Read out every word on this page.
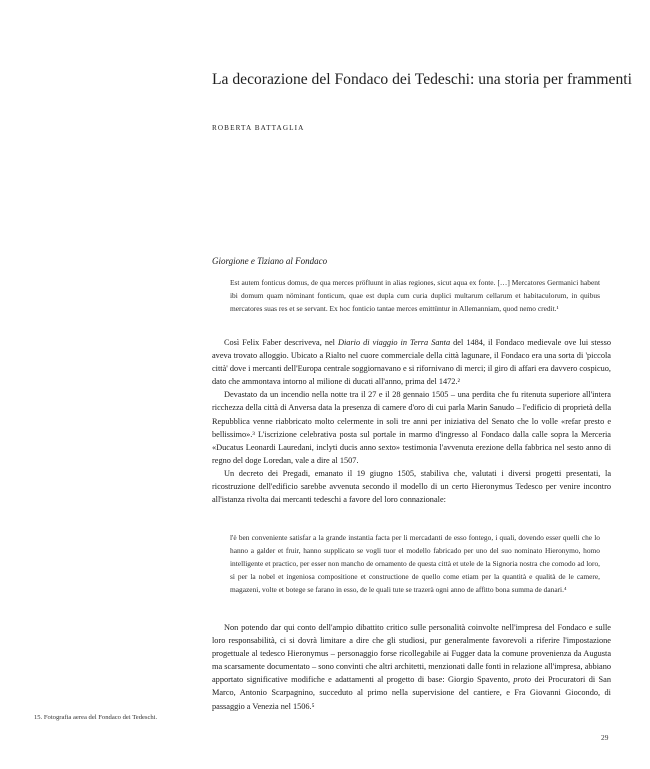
La decorazione del Fondaco dei Tedeschi: una storia per frammenti
ROBERTA BATTAGLIA
Giorgione e Tiziano al Fondaco
Est autem fonticus domus, de qua merces pröfluunt in alias regiones, sicut aqua ex fonte. […] Mercatores Germanici habent ibi domum quam nöminant fonticum, quae est dupla cum curia duplici multarum cellarum et habitaculorum, in quibus mercatores suas res et se servant. Ex hoc fonticio tantae merces emittüntur in Allemanniam, quod nemo credit.¹

Così Felix Faber descriveva, nel Diario di viaggio in Terra Santa del 1484, il Fondaco medievale ove lui stesso aveva trovato alloggio. Ubicato a Rialto nel cuore commerciale della città lagunare, il Fondaco era una sorta di 'piccola città' dove i mercanti dell'Europa centrale soggiornavano e si rifornivano di merci; il giro di affari era davvero cospicuo, dato che ammontava intorno al milione di ducati all'anno, prima del 1472.²

Devastato da un incendio nella notte tra il 27 e il 28 gennaio 1505 – una perdita che fu ritenuta superiore all'intera ricchezza della città di Anversa data la presenza di camere d'oro di cui parla Marin Sanudo – l'edificio di proprietà della Repubblica venne riabbricato molto celermente in soli tre anni per iniziativa del Senato che lo volle «refar presto e bellissimo».³ L'iscrizione celebrativa posta sul portale in marmo d'ingresso al Fondaco dalla calle sopra la Merceria «Ducatus Leonardi Lauredani, inclyti ducis anno sexto» testimonia l'avvenuta erezione della fabbrica nel sesto anno di regno del doge Loredan, vale a dire al 1507.

Un decreto dei Pregadi, emanato il 19 giugno 1505, stabiliva che, valutati i diversi progetti presentati, la ricostruzione dell'edificio sarebbe avvenuta secondo il modello di un certo Hieronymus Tedesco per venire incontro all'istanza rivolta dai mercanti tedeschi a favore del loro connazionale:

l'è ben conveniente satisfar a la grande instantia facta per li mercadanti de esso fontego, i quali, dovendo esser quelli che lo hanno a galder et fruir, hanno supplicato se vogli tuor el modello fabricado per uno del suo nominato Hieronymo, homo intelligente et practico, per esser non mancho de ornamento de questa città et utele de la Signoria nostra che comodo ad loro, sì per la nobel et ingeniosa compositione et constructione de quello come etiam per la quantità e qualità de le camere, magazeni, volte et botege se farano in esso, de le quali tute se trazerà ogni anno de affitto bona summa de danari.⁴

Non potendo dar qui conto dell'ampio dibattito critico sulle personalità coinvolte nell'impresa del Fondaco e sulle loro responsabilità, ci si dovrà limitare a dire che gli studiosi, pur generalmente favorevoli a riferire l'impostazione progettuale al tedesco Hieronymus – personaggio forse ricollegabile ai Fugger data la comune provenienza da Augusta ma scarsamente documentato – sono convinti che altri architetti, menzionati dalle fonti in relazione all'impresa, abbiano apportato significative modifiche e adattamenti al progetto di base: Giorgio Spavento, proto dei Procuratori di San Marco, Antonio Scarpagnino, succeduto al primo nella supervisione del cantiere, e Fra Giovanni Giocondo, di passaggio a Venezia nel 1506.⁵

15. Fotografia aerea del Fondaco dei Tedeschi.
29
